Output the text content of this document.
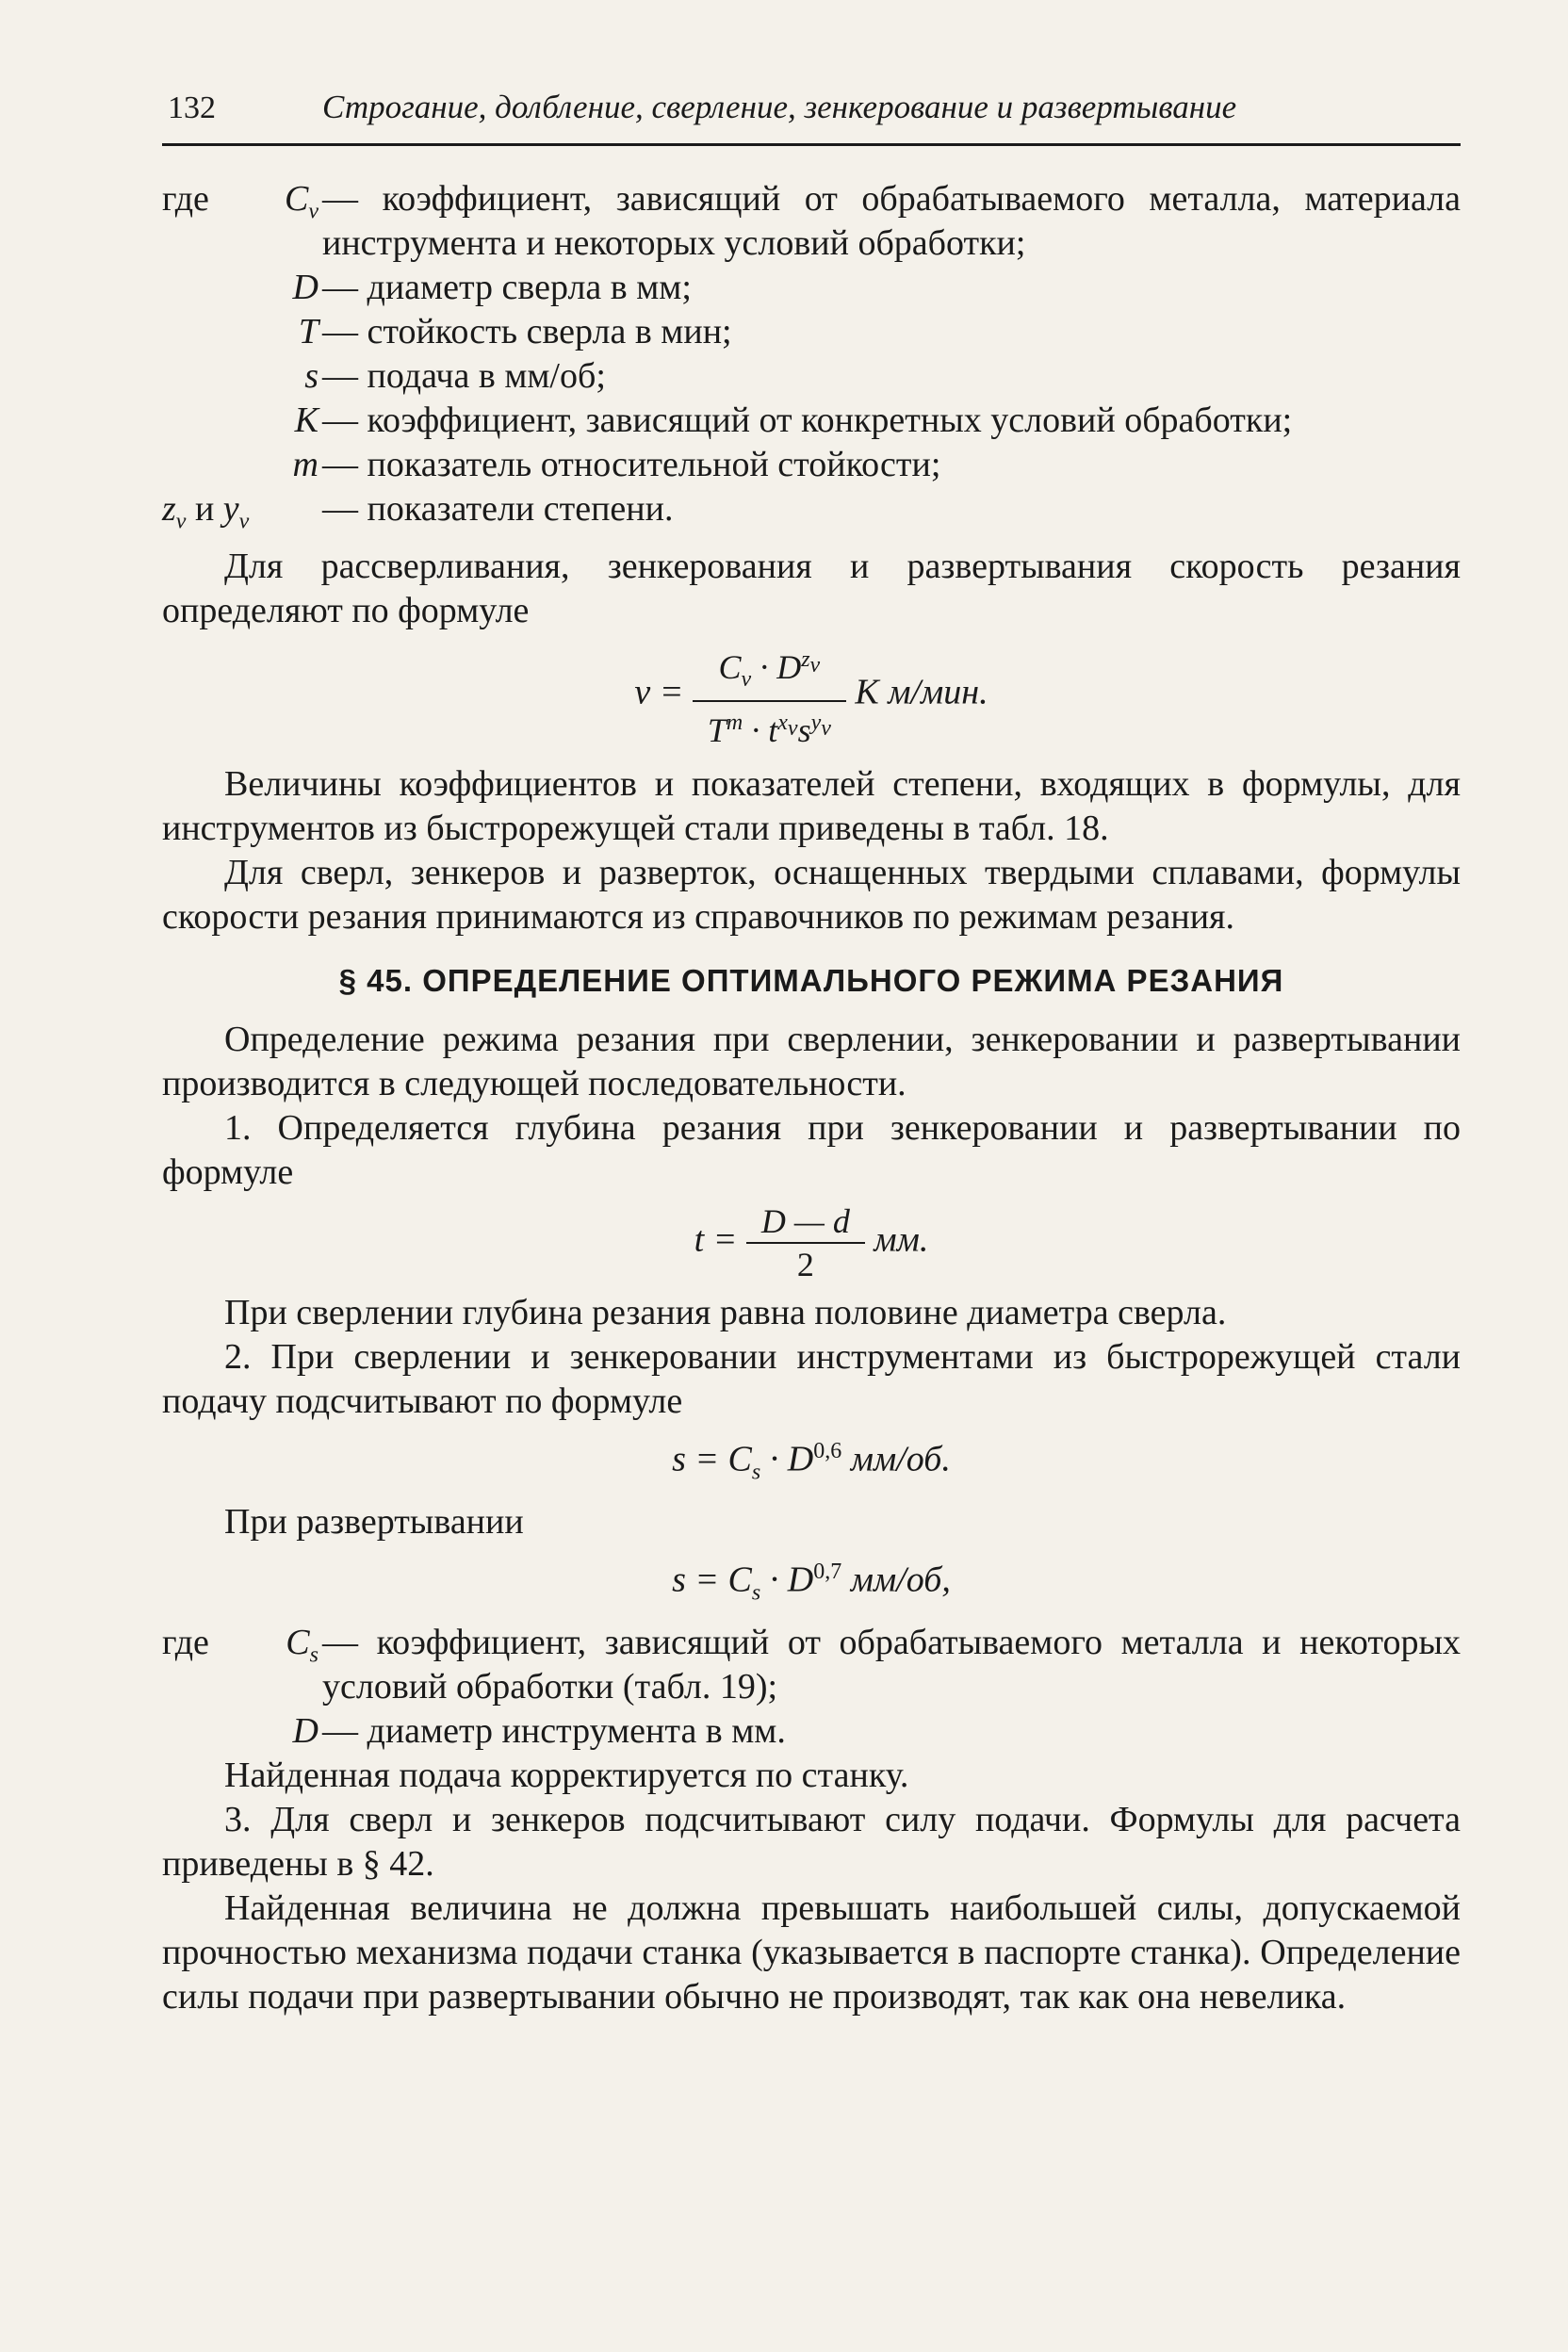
132	Строгание, долбление, сверление, зенкерование и развертывание
где	$C_v$ — коэффициент, зависящий от обрабатываемого металла, материала инструмента и некоторых условий обработки;
D — диаметр сверла в мм;
T — стойкость сверла в мин;
s — подача в мм/об;
K — коэффициент, зависящий от конкретных условий обработки;
m — показатель относительной стойкости;
$z_v$ и $y_v$	— показатели степени.

Для рассверливания, зенкерования и развертывания скорость резания определяют по формуле

$v = \frac{C_v \cdot D^{z_v}}{T^m \cdot t^{x_v}s^{y_v}}$ K м/мин.

Величины коэффициентов и показателей степени, входящих в формулы, для инструментов из быстрорежущей стали приведены в табл. 18.

Для сверл, зенкеров и разверток, оснащенных твердыми сплавами, формулы скорости резания принимаются из справочников по режимам резания.

§ 45. ОПРЕДЕЛЕНИЕ ОПТИМАЛЬНОГО РЕЖИМА РЕЗАНИЯ

Определение режима резания при сверлении, зенкеровании и развертывании производится в следующей последовательности.

1. Определяется глубина резания при зенкеровании и развертывании по формуле

$t = \frac{D — d}{2}$ мм.

При сверлении глубина резания равна половине диаметра сверла.

2. При сверлении и зенкеровании инструментами из быстрорежущей стали подачу подсчитывают по формуле

$s = C_s \cdot D^{0,6}$ мм/об.

При развертывании

$s = C_s \cdot D^{0,7}$ мм/об,
где	$C_s$ — коэффициент, зависящий от обрабатываемого металла и некоторых условий обработки (табл. 19);
D — диаметр инструмента в мм.

Найденная подача корректируется по станку.

3. Для сверл и зенкеров подсчитывают силу подачи. Формулы для расчета приведены в § 42.

Найденная величина не должна превышать наибольшей силы, допускаемой прочностью механизма подачи станка (указывается в паспорте станка). Определение силы подачи при развертывании обычно не производят, так как она невелика.
